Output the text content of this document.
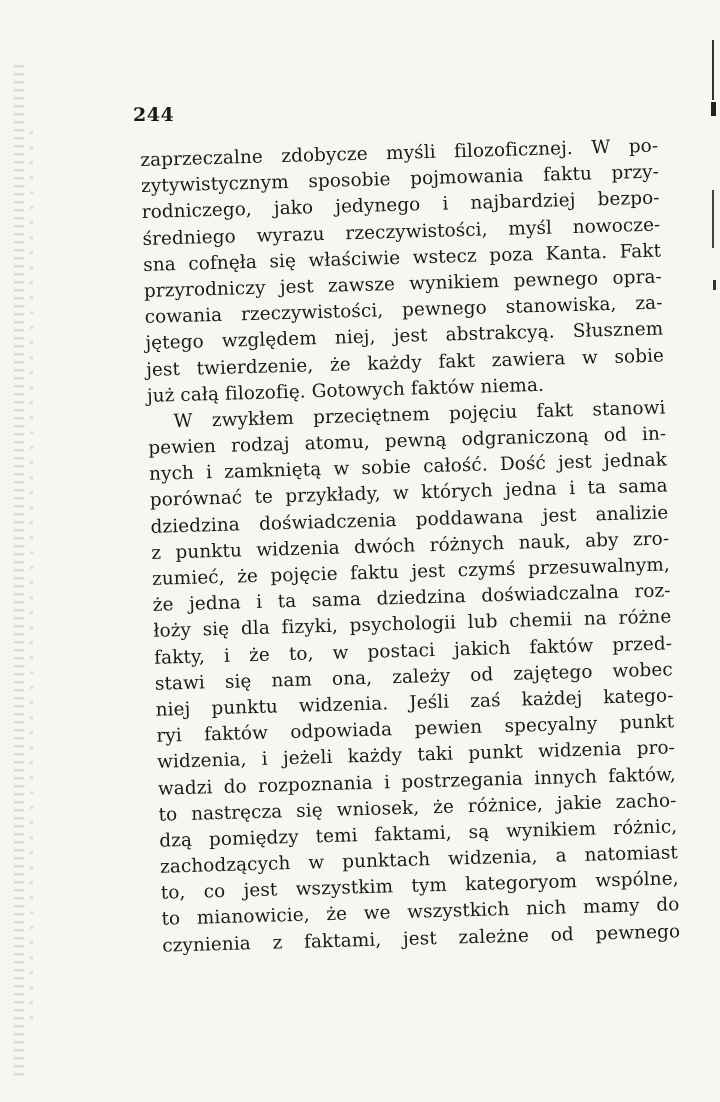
244
zaprzeczalne zdobycze myśli filozoficznej. W po-
zytywistycznym sposobie pojmowania faktu przy-
rodniczego, jako jedynego i najbardziej bezpo-
średniego wyrazu rzeczywistości, myśl nowocze-
sna cofnęła się właściwie wstecz poza Kanta. Fakt
przyrodniczy jest zawsze wynikiem pewnego opra-
cowania rzeczywistości, pewnego stanowiska, za-
jętego względem niej, jest abstrakcyą. Słusznem
jest twierdzenie, że każdy fakt zawiera w sobie
już całą filozofię. Gotowych faktów niema.
W zwykłem przeciętnem pojęciu fakt stanowi
pewien rodzaj atomu, pewną odgraniczoną od in-
nych i zamkniętą w sobie całość. Dość jest jednak
porównać te przykłady, w których jedna i ta sama
dziedzina doświadczenia poddawana jest analizie
z punktu widzenia dwóch różnych nauk, aby zro-
zumieć, że pojęcie faktu jest czymś przesuwalnym,
że jedna i ta sama dziedzina doświadczalna roz-
łoży się dla fizyki, psychologii lub chemii na różne
fakty, i że to, w postaci jakich faktów przed-
stawi się nam ona, zależy od zajętego wobec
niej punktu widzenia. Jeśli zaś każdej katego-
ryi faktów odpowiada pewien specyalny punkt
widzenia, i jeżeli każdy taki punkt widzenia pro-
wadzi do rozpoznania i postrzegania innych faktów,
to nastręcza się wniosek, że różnice, jakie zacho-
dzą pomiędzy temi faktami, są wynikiem różnic,
zachodzących w punktach widzenia, a natomiast
to, co jest wszystkim tym kategoryom wspólne,
to mianowicie, że we wszystkich nich mamy do
czynienia z faktami, jest zależne od pewnego
